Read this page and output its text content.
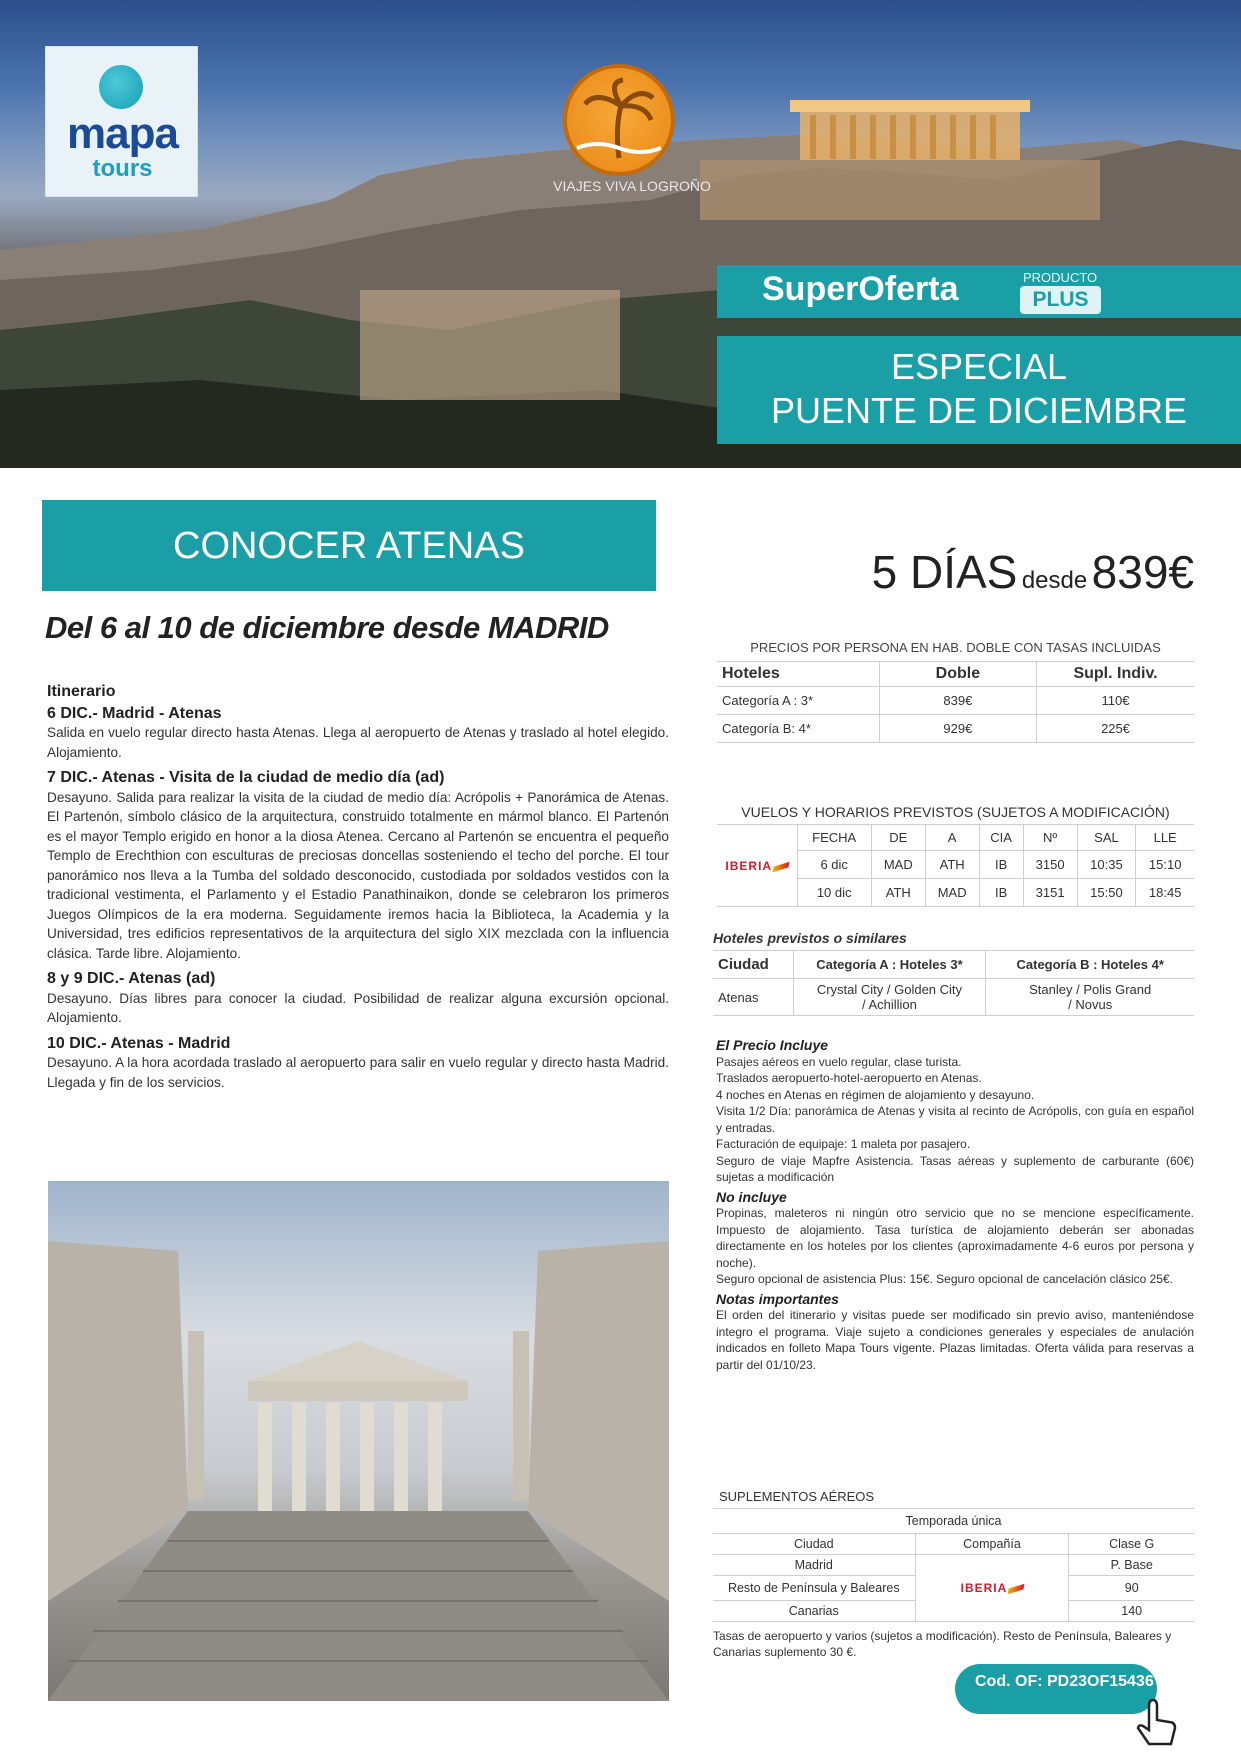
mapa
tours
VIAJES VIVA LOGROÑO
SuperOferta	PRODUCTO
PLUS
ESPECIAL
PUENTE DE DICIEMBRE
CONOCER ATENAS	5 DÍAS desde 839€
Del 6 al 10 de diciembre desde MADRID
Itinerario
6 DIC.- Madrid - Atenas

Salida en vuelo regular directo hasta Atenas. Llega al aeropuerto de Atenas y traslado al hotel elegido. Alojamiento.

7 DIC.- Atenas - Visita de la ciudad de medio día (ad)

Desayuno. Salida para realizar la visita de la ciudad de medio día: Acrópolis + Panorámica de Atenas. El Partenón, símbolo clásico de la arquitectura, construido totalmente en mármol blanco. El Partenón es el mayor Templo erigido en honor a la diosa Atenea. Cercano al Partenón se encuentra el pequeño Templo de Erechthion con esculturas de preciosas doncellas sosteniendo el techo del porche. El tour panorámico nos lleva a la Tumba del soldado desconocido, custodiada por soldados vestidos con la tradicional vestimenta, el Parlamento y el Estadio Panathinaikon, donde se celebraron los primeros Juegos Olímpicos de la era moderna. Seguidamente iremos hacia la Biblioteca, la Academia y la Universidad, tres edificios representativos de la arquitectura del siglo XIX mezclada con la influencia clásica. Tarde libre. Alojamiento.

8 y 9 DIC.- Atenas (ad)

Desayuno. Días libres para conocer la ciudad. Posibilidad de realizar alguna excursión opcional. Alojamiento.

10 DIC.- Atenas - Madrid

Desayuno. A la hora acordada traslado al aeropuerto para salir en vuelo regular y directo hasta Madrid. Llegada y fin de los servicios.

PRECIOS POR PERSONA EN HAB. DOBLE CON TASAS INCLUIDAS
Hoteles	Doble	Supl. Indiv.
Categoría A : 3*	839€	110€
Categoría B: 4*	929€	225€
VUELOS Y HORARIOS PREVISTOS (SUJETOS A MODIFICACIÓN)
IBERIA	FECHA	DE	A	CIA	Nº	SAL	LLE
	6 dic	MAD	ATH	IB	3150	10:35	15:10
	10 dic	ATH	MAD	IB	3151	15:50	18:45
Hoteles previstos o similares
Ciudad	Categoría A : Hoteles 3*	Categoría B : Hoteles 4*
Atenas	Crystal City / Golden City / Achillion	Stanley / Polis Grand / Novus
El Precio Incluye

Pasajes aéreos en vuelo regular, clase turista.
Traslados aeropuerto-hotel-aeropuerto en Atenas.
4 noches en Atenas en régimen de alojamiento y desayuno.
Visita 1/2 Día: panorámica de Atenas y visita al recinto de Acrópolis, con guía en español y entradas.
Facturación de equipaje: 1 maleta por pasajero.
Seguro de viaje Mapfre Asistencia. Tasas aéreas y suplemento de carburante (60€) sujetas a modificación

No incluye

Propinas, maleteros ni ningún otro servicio que no se mencione específicamente. Impuesto de alojamiento. Tasa turística de alojamiento deberán ser abonadas directamente en los hoteles por los clientes (aproximadamente 4-6 euros por persona y noche).
Seguro opcional de asistencia Plus: 15€. Seguro opcional de cancelación clásico 25€.

Notas importantes

El orden del itinerario y visitas puede ser modificado sin previo aviso, manteniéndose integro el programa. Viaje sujeto a condiciones generales y especiales de anulación indicados en folleto Mapa Tours vigente. Plazas limitadas. Oferta válida para reservas a partir del 01/10/23.

SUPLEMENTOS AÉREOS
Temporada única		
Ciudad	Compañía	Clase G
Madrid	IBERIA	P. Base
Resto de Península y Baleares		90
Canarias		140
Tasas de aeropuerto y varios (sujetos a modificación). Resto de Península, Baleares y Canarias suplemento 30 €.
Cod. OF: PD23OF15436
